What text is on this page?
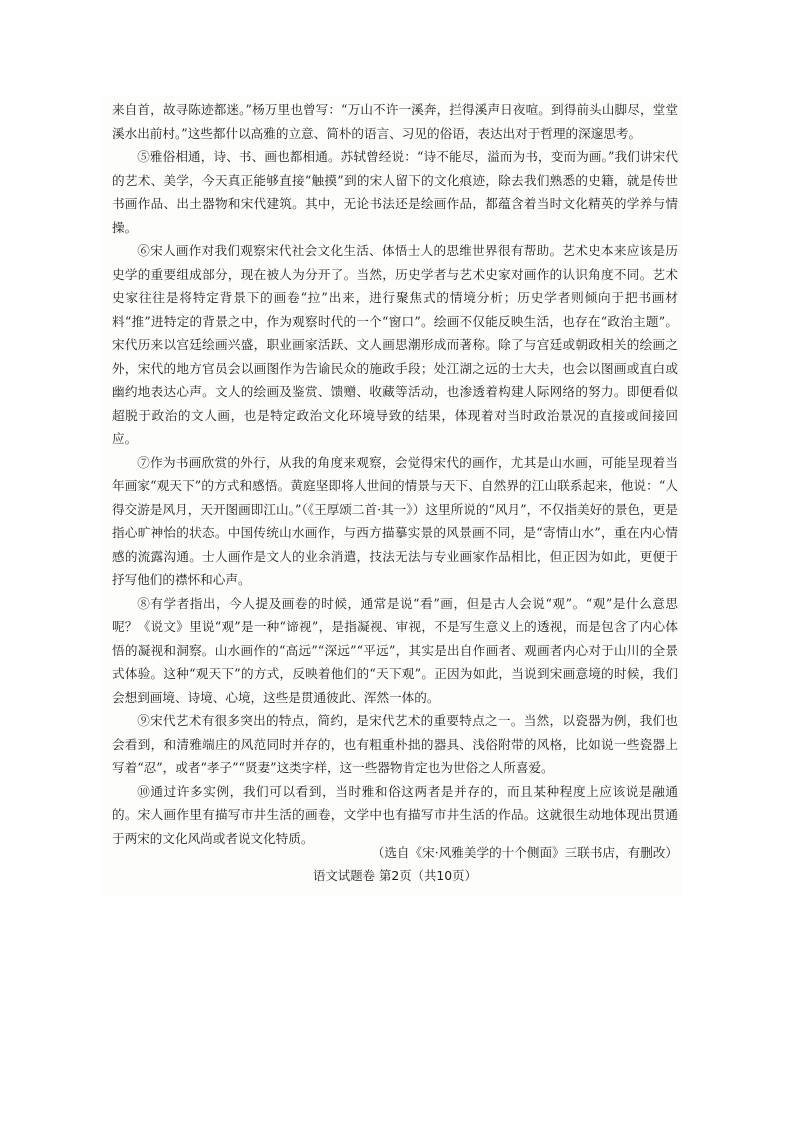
来自首，故寻陈迹都迷。”杨万里也曾写：“万山不许一溪奔，拦得溪声日夜喧。到得前头山脚尽，堂堂溪水出前村。”这些都什以高雅的立意、简朴的语言、习见的俗语，表达出对于哲理的深邃思考。

⑤雅俗相通，诗、书、画也都相通。苏轼曾经说：“诗不能尽，溢而为书，变而为画。”我们讲宋代的艺术、美学，今天真正能够直接“触摸”到的宋人留下的文化痕迹，除去我们熟悉的史籍，就是传世书画作品、出土器物和宋代建筑。其中，无论书法还是绘画作品，都蕴含着当时文化精英的学养与情操。

⑥宋人画作对我们观察宋代社会文化生活、体悟士人的思维世界很有帮助。艺术史本来应该是历史学的重要组成部分，现在被人为分开了。当然，历史学者与艺术史家对画作的认识角度不同。艺术史家往往是将特定背景下的画卷“拉”出来，进行聚焦式的情境分析；历史学者则倾向于把书画材料“推”进特定的背景之中，作为观察时代的一个“窗口”。绘画不仅能反映生活，也存在“政治主题”。宋代历来以宫廷绘画兴盛，职业画家活跃、文人画思潮形成而著称。除了与宫廷或朝政相关的绘画之外，宋代的地方官员会以画图作为告谕民众的施政手段；处江湖之远的士大夫，也会以图画或直白或幽约地表达心声。文人的绘画及鉴赏、馈赠、收藏等活动，也渗透着构建人际网络的努力。即便看似超脱于政治的文人画，也是特定政治文化环境导致的结果，体现着对当时政治景况的直接或间接回应。

⑦作为书画欣赏的外行，从我的角度来观察，会觉得宋代的画作，尤其是山水画，可能呈现着当年画家“观天下”的方式和感悟。黄庭坚即将人世间的情景与天下、自然界的江山联系起来，他说：“人得交游是风月，天开图画即江山。”（《王厚颂二首·其一》）这里所说的“风月”，不仅指美好的景色，更是指心旷神怡的状态。中国传统山水画作，与西方描摹实景的风景画不同，是“寄情山水”，重在内心情感的流露沟通。士人画作是文人的业余消遣，技法无法与专业画家作品相比，但正因为如此，更便于抒写他们的襟怀和心声。

⑧有学者指出，今人提及画卷的时候，通常是说“看”画，但是古人会说“观”。“观”是什么意思呢？《说文》里说“观”是一种“谛视”，是指凝视、审视，不是写生意义上的透视，而是包含了内心体悟的凝视和洞察。山水画作的“高远”“深远”“平远”，其实是出自作画者、观画者内心对于山川的全景式体验。这种“观天下”的方式，反映着他们的“天下观”。正因为如此，当说到宋画意境的时候，我们会想到画境、诗境、心境，这些是贯通彼此、浑然一体的。

⑨宋代艺术有很多突出的特点，简约，是宋代艺术的重要特点之一。当然，以瓷器为例，我们也会看到，和清雅端庄的风范同时并存的，也有粗重朴拙的器具、浅俗附带的风格，比如说一些瓷器上写着“忍”，或者“孝子”“贤妻”这类字样，这一些器物肯定也为世俗之人所喜爱。

⑩通过许多实例，我们可以看到，当时雅和俗这两者是并存的，而且某种程度上应该说是融通的。宋人画作里有描写市井生活的画卷，文学中也有描写市井生活的作品。这就很生动地体现出贯通于两宋的文化风尚或者说文化特质。

（选自《宋·风雅美学的十个侧面》三联书店，有删改）
语文试题卷 第2页（共10页）
